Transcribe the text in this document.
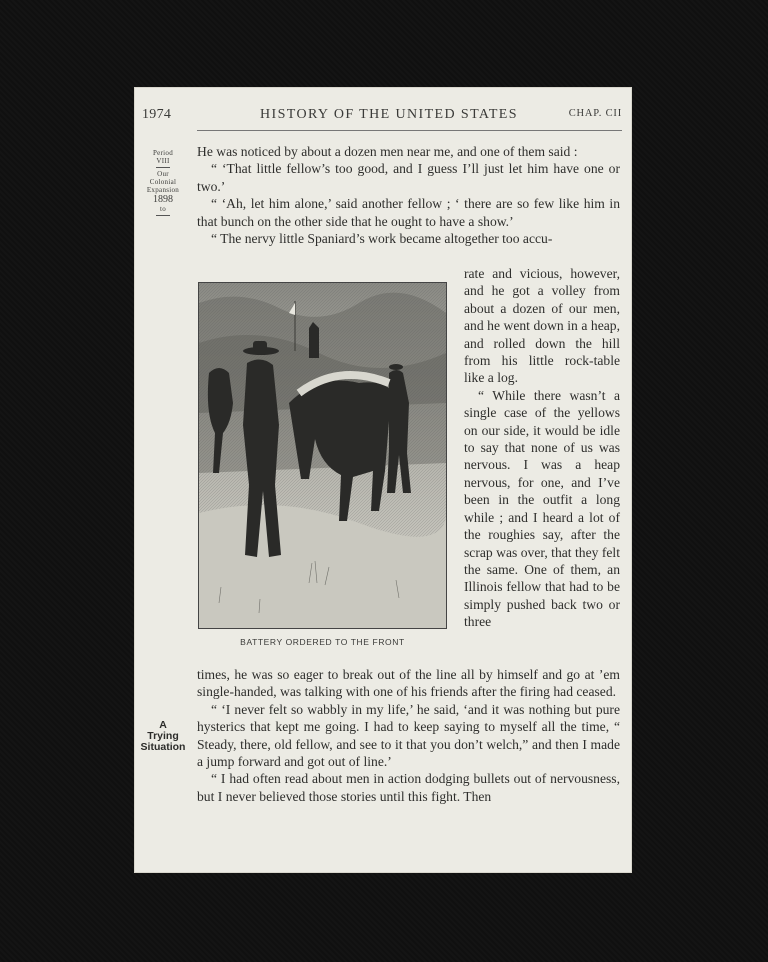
1974	HISTORY OF THE UNITED STATES	CHAP. CII
Period
VIII
Our
Colonial
Expansion
1898
to

He was noticed by about a dozen men near me, and one of them said :

“ ‘That little fellow’s too good, and I guess I’ll just let him have one or two.’

“ ‘Ah, let him alone,’ said another fellow ; ‘ there are so few like him in that bunch on the other side that he ought to have a show.’

“ The nervy little Spaniard’s work became altogether too accu-

BATTERY ORDERED TO THE FRONT

rate and vicious, however, and he got a volley from about a dozen of our men, and he went down in a heap, and rolled down the hill from his little rock-table like a log.

“ While there wasn’t a single case of the yellows on our side, it would be idle to say that none of us was nervous. I was a heap nervous, for one, and I’ve been in the outfit a long while ; and I heard a lot of the roughies say, after the scrap was over, that they felt the same. One of them, an Illinois fellow that had to be simply pushed back two or three

times, he was so eager to break out of the line all by himself and go at ’em single-handed, was talking with one of his friends after the firing had ceased.

“ ‘I never felt so wabbly in my life,’ he said, ‘and it was nothing but pure hysterics that kept me going. I had to keep saying to myself all the time, “ Steady, there, old fellow, and see to it that you don’t welch,” and then I made a jump forward and got out of line.’

“ I had often read about men in action dodging bullets out of nervousness, but I never believed those stories until this fight. Then

A
Trying
Situation
